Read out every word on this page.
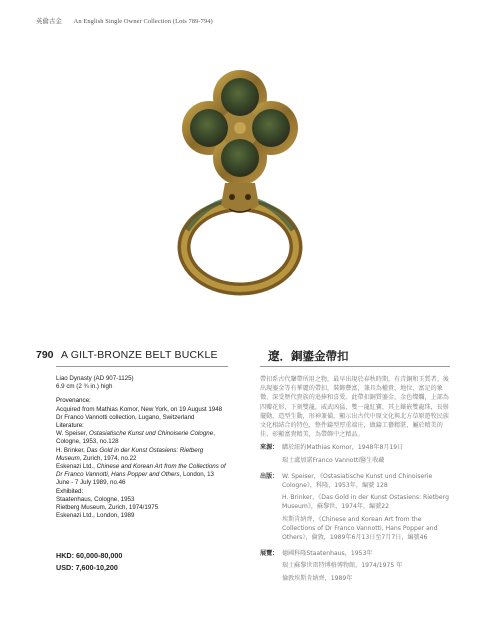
英倫古金 An English Single Owner Collection (Lots 789-794)
790 A GILT-BRONZE BELT BUCKLE	遼．銅鎏金帶扣
Liao Dynasty (AD 907-1125)
6.9 cm (2 ¾ in.) high
Provenance:
Acquired from Mathias Komor, New York, on 19 August 1948
Dr Franco Vannotti collection, Lugano, Switzerland
Literature:
W. Speiser, Ostasiatische Kunst und Chinoiserie Cologne, Cologne, 1953, no.128
H. Brinker, Das Gold in der Kunst Ostasiens: Rietberg Museum, Zurich, 1974, no.22
Eskenazi Ltd., Chinese and Korean Art from the Collections of Dr Franco Vannotti, Hans Popper and Others, London, 13 June - 7 July 1989, no.46
Exhibited:
Staatenhaus, Cologne, 1953
Rietberg Museum, Zurich, 1974/1975
Eskenazi Ltd., London, 1989
HKD: 60,000-80,000
USD: 7,600-10,200
帶扣系古代鞶帶所用之物，最早出現於春秋時期，有青銅和玉質者。後出現鎏金等有華麗的帶扣，裝飾豐富，兼具為權貴、地位、富足的象徵，深受歷代貴族的追捧和喜愛。此帶扣銅質鎏金，金色燦爛，上部為四瓣花形，下刻雙龍，威武凶猛，雙一龍紅寶，其上鑲嵌雙龍珠，長鬃擺動，造型生動，形神兼備，顯示出古代中原文化與北方草原遊牧民族文化相結合的特色，整件鑄型厚重端庄，做鑄工藝精湛，屬於精美的佳，彰顯富貴精美，為帶飾中之精品。
來源： 購於紐約Mathias Komor，1948年8月19日
瑞士盧加諾Franco Vannotti醫生收藏
出版： W. Speiser，《Ostasiatische Kunst und Chinoiserie Cologne》，科隆，1953年，編號 128
H. Brinker，《Das Gold in der Kunst Ostasiens: Rietberg Museum》，蘇黎世，1974年，編號22
埃斯肯納齊，《Chinese and Korean Art from the Collections of Dr Franco Vannotti, Hans Popper and Others》，倫敦，1989年6月13日至7月7日，編號46
展覽： 德國科隆Staatenhaus，1953年
瑞士蘇黎世雷特博格博物館，1974/1975 年
倫敦埃斯肯納齊，1989年
